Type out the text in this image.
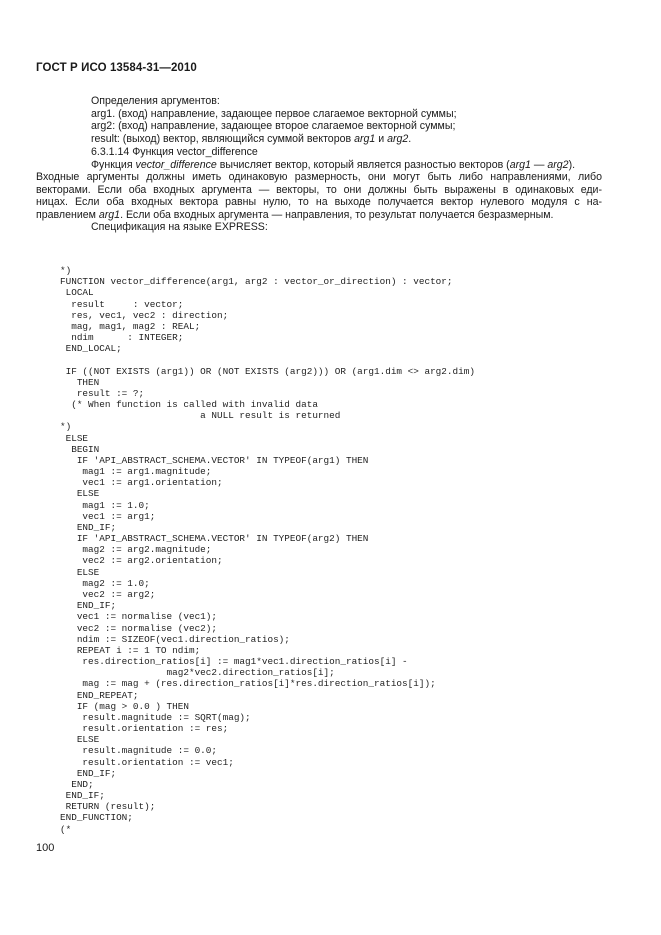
ГОСТ Р ИСО 13584-31—2010
Определения аргументов:
arg1. (вход) направление, задающее первое слагаемое векторной суммы;
arg2: (вход) направление, задающее второе слагаемое векторной суммы;
result: (выход) вектор, являющийся суммой векторов arg1 и arg2.
6.3.1.14 Функция vector_difference
Функция vector_difference вычисляет вектор, который является разностью векторов (arg1 — arg2).
Входные аргументы должны иметь одинаковую размерность, они могут быть либо направлениями, либо
векторами. Если оба входных аргумента — векторы, то они должны быть выражены в одинаковых еди-
ницах. Если оба входных вектора равны нулю, то на выходе получается вектор нулевого модуля с на-
правлением arg1. Если оба входных аргумента — направления, то результат получается безразмерным.
Спецификация на языке EXPRESS:
*)
FUNCTION vector_difference(arg1, arg2 : vector_or_direction) : vector;
LOCAL
result     : vector;
res, vec1, vec2 : direction;
mag, mag1, mag2 : REAL;
ndim      : INTEGER;
END_LOCAL;

IF ((NOT EXISTS (arg1)) OR (NOT EXISTS (arg2))) OR (arg1.dim <> arg2.dim)
THEN
result := ?;
(* When function is called with invalid data
a NULL result is returned
*)
ELSE
BEGIN
IF 'API_ABSTRACT_SCHEMA.VECTOR' IN TYPEOF(arg1) THEN
mag1 := arg1.magnitude;
vec1 := arg1.orientation;
ELSE
mag1 := 1.0;
vec1 := arg1;
END_IF;
IF 'API_ABSTRACT_SCHEMA.VECTOR' IN TYPEOF(arg2) THEN
mag2 := arg2.magnitude;
vec2 := arg2.orientation;
ELSE
mag2 := 1.0;
vec2 := arg2;
END_IF;
vec1 := normalise (vec1);
vec2 := normalise (vec2);
ndim := SIZEOF(vec1.direction_ratios);
REPEAT i := 1 TO ndim;
res.direction_ratios[i] := mag1*vec1.direction_ratios[i] -
mag2*vec2.direction_ratios[i];
mag := mag + (res.direction_ratios[i]*res.direction_ratios[i]);
END_REPEAT;
IF (mag > 0.0 ) THEN
result.magnitude := SQRT(mag);
result.orientation := res;
ELSE
result.magnitude := 0.0;
result.orientation := vec1;
END_IF;
END;
END_IF;
RETURN (result);
END_FUNCTION;
(*
100
